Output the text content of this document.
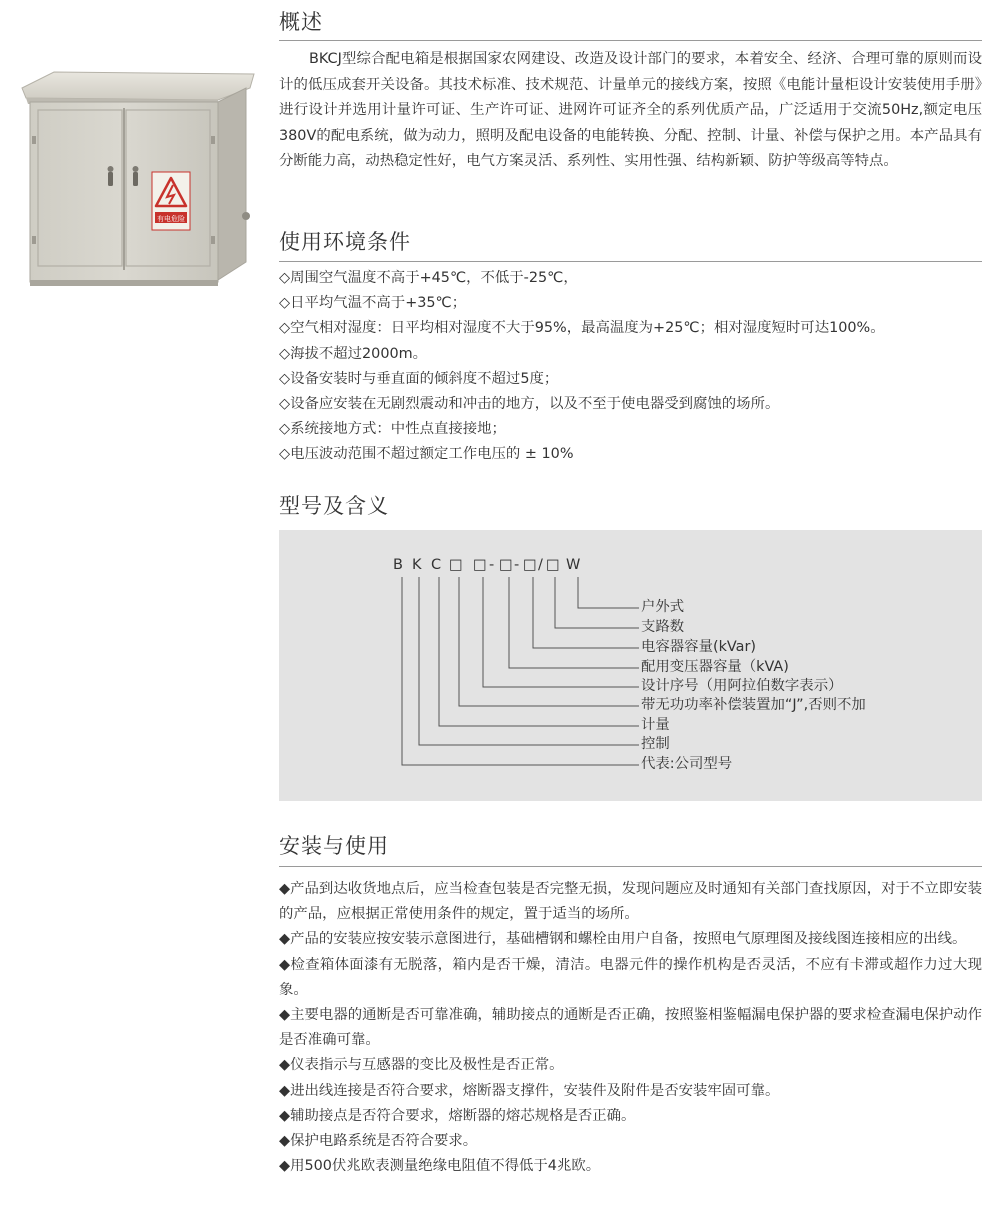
有电危险
概述
BKCJ型综合配电箱是根据国家农网建设、改造及设计部门的要求，本着安全、经济、合理可靠的原则而设计的低压成套开关设备。其技术标准、技术规范、计量单元的接线方案，按照《电能计量柜设计安装使用手册》进行设计并选用计量许可证、生产许可证、进网许可证齐全的系列优质产品，广泛适用于交流50Hz,额定电压380V的配电系统，做为动力，照明及配电设备的电能转换、分配、控制、计量、补偿与保护之用。本产品具有分断能力高，动热稳定性好，电气方案灵活、系列性、实用性强、结构新颖、防护等级高等特点。
使用环境条件
◇周围空气温度不高于+45℃，不低于-25℃，
◇日平均气温不高于+35℃；
◇空气相对湿度：日平均相对湿度不大于95%，最高温度为+25℃；相对湿度短时可达100%。
◇海拔不超过2000m。
◇设备安装时与垂直面的倾斜度不超过5度；
◇设备应安装在无剧烈震动和冲击的地方，以及不至于使电器受到腐蚀的场所。
◇系统接地方式：中性点直接接地；
◇电压波动范围不超过额定工作电压的 ± 10%
型号及含义
B K C □ □ - □ - □ / □ W
户外式
支路数
电容器容量(kVar)
配用变压器容量（kVA)
设计序号（用阿拉伯数字表示）
带无功功率补偿装置加“J”,否则不加
计量
控制
代表:公司型号
安装与使用
◆产品到达收货地点后，应当检查包装是否完整无损，发现问题应及时通知有关部门查找原因，对于不立即安装的产品，应根据正常使用条件的规定，置于适当的场所。
◆产品的安装应按安装示意图进行，基础槽钢和螺栓由用户自备，按照电气原理图及接线图连接相应的出线。
◆检查箱体面漆有无脱落，箱内是否干燥，清洁。电器元件的操作机构是否灵活，不应有卡滞或超作力过大现象。
◆主要电器的通断是否可靠准确，辅助接点的通断是否正确，按照鉴相鉴幅漏电保护器的要求检查漏电保护动作是否准确可靠。
◆仪表指示与互感器的变比及极性是否正常。
◆进出线连接是否符合要求，熔断器支撑件，安装件及附件是否安装牢固可靠。
◆辅助接点是否符合要求，熔断器的熔芯规格是否正确。
◆保护电路系统是否符合要求。
◆用500伏兆欧表测量绝缘电阻值不得低于4兆欧。
